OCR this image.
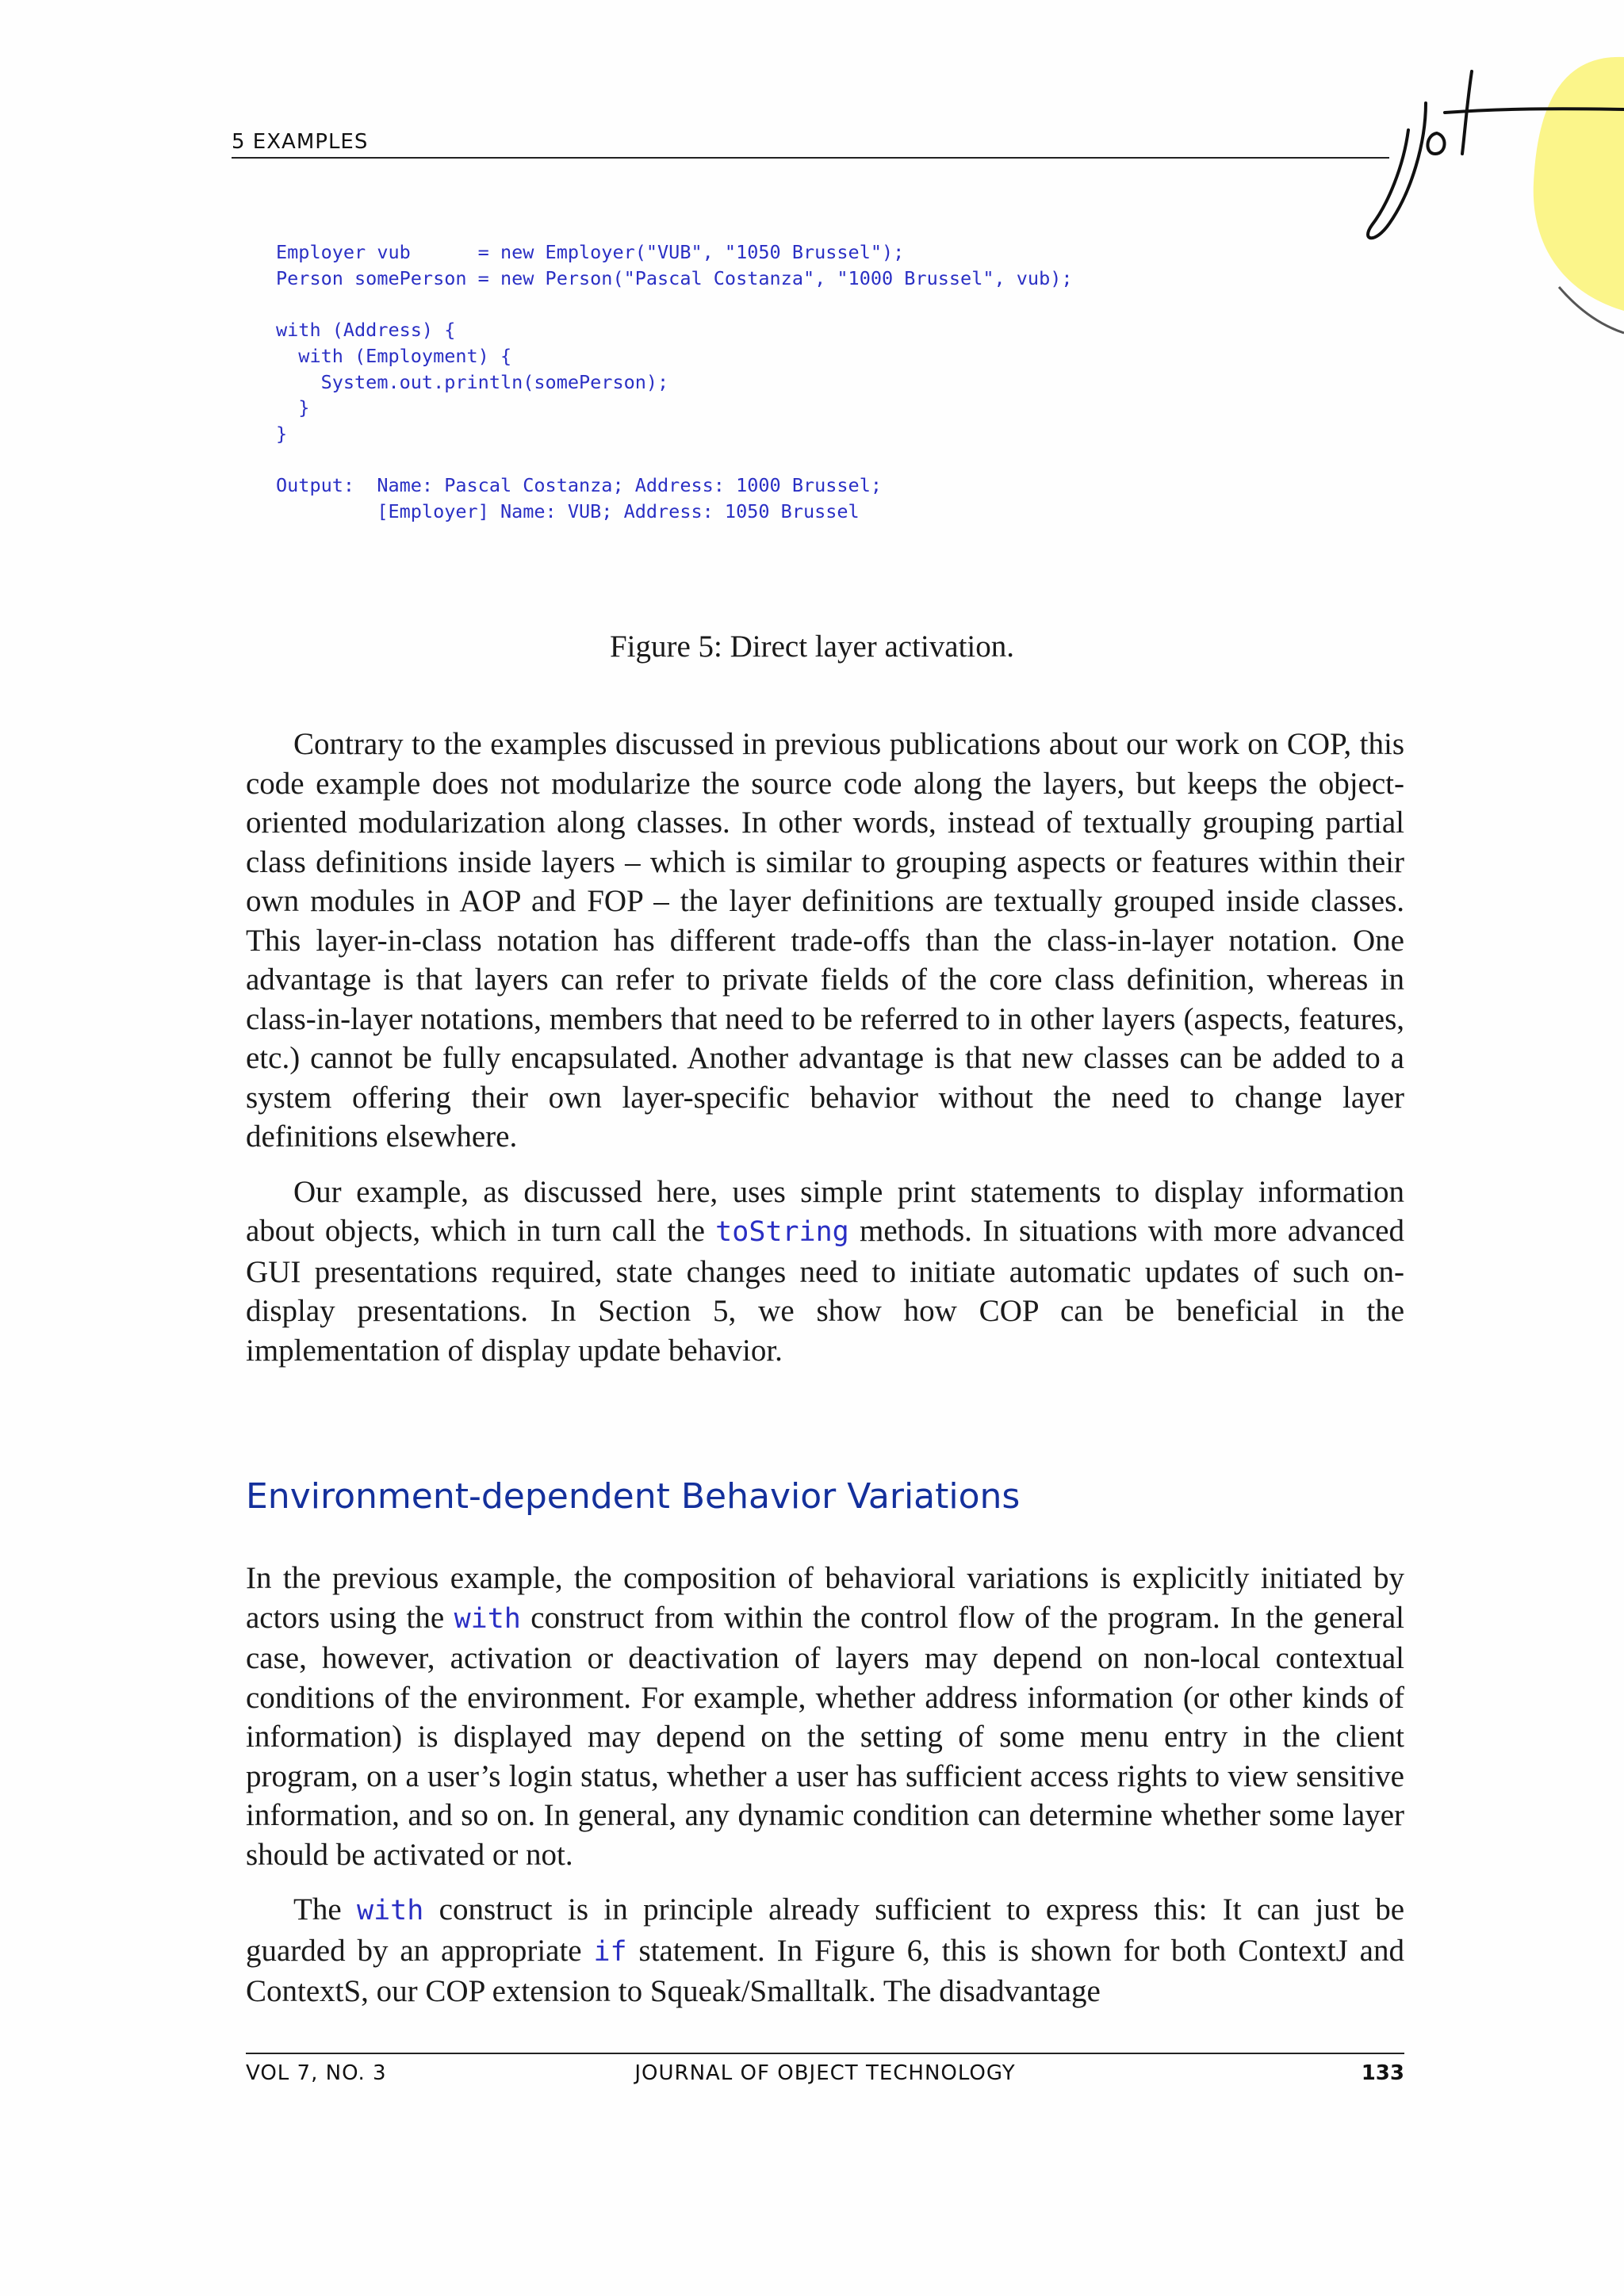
5 EXAMPLES
Employer vub      = new Employer("VUB", "1050 Brussel");
Person somePerson = new Person("Pascal Costanza", "1000 Brussel", vub);

with (Address) {
with (Employment) {
System.out.println(somePerson);
}
}

Output:  Name: Pascal Costanza; Address: 1000 Brussel;
[Employer] Name: VUB; Address: 1050 Brussel
Figure 5: Direct layer activation.

Contrary to the examples discussed in previous publications about our work on COP, this code example does not modularize the source code along the layers, but keeps the object-oriented modularization along classes. In other words, instead of textually grouping partial class definitions inside layers – which is similar to grouping aspects or features within their own modules in AOP and FOP – the layer definitions are textually grouped inside classes. This layer-in-class notation has different trade-offs than the class-in-layer notation. One advantage is that layers can refer to private fields of the core class definition, whereas in class-in-layer notations, members that need to be referred to in other layers (aspects, features, etc.) cannot be fully encapsulated. Another advantage is that new classes can be added to a system offering their own layer-specific behavior without the need to change layer definitions elsewhere.

Our example, as discussed here, uses simple print statements to display information about objects, which in turn call the toString methods. In situations with more advanced GUI presentations required, state changes need to initiate automatic updates of such on-display presentations. In Section 5, we show how COP can be beneficial in the implementation of display update behavior.

Environment-dependent Behavior Variations

In the previous example, the composition of behavioral variations is explicitly initiated by actors using the with construct from within the control flow of the program. In the general case, however, activation or deactivation of layers may depend on non-local contextual conditions of the environment. For example, whether address information (or other kinds of information) is displayed may depend on the setting of some menu entry in the client program, on a user’s login status, whether a user has sufficient access rights to view sensitive information, and so on. In general, any dynamic condition can determine whether some layer should be activated or not.

The with construct is in principle already sufficient to express this: It can just be guarded by an appropriate if statement. In Figure 6, this is shown for both ContextJ and ContextS, our COP extension to Squeak/Smalltalk. The disadvantage

VOL 7, NO. 3	JOURNAL OF OBJECT TECHNOLOGY	133
